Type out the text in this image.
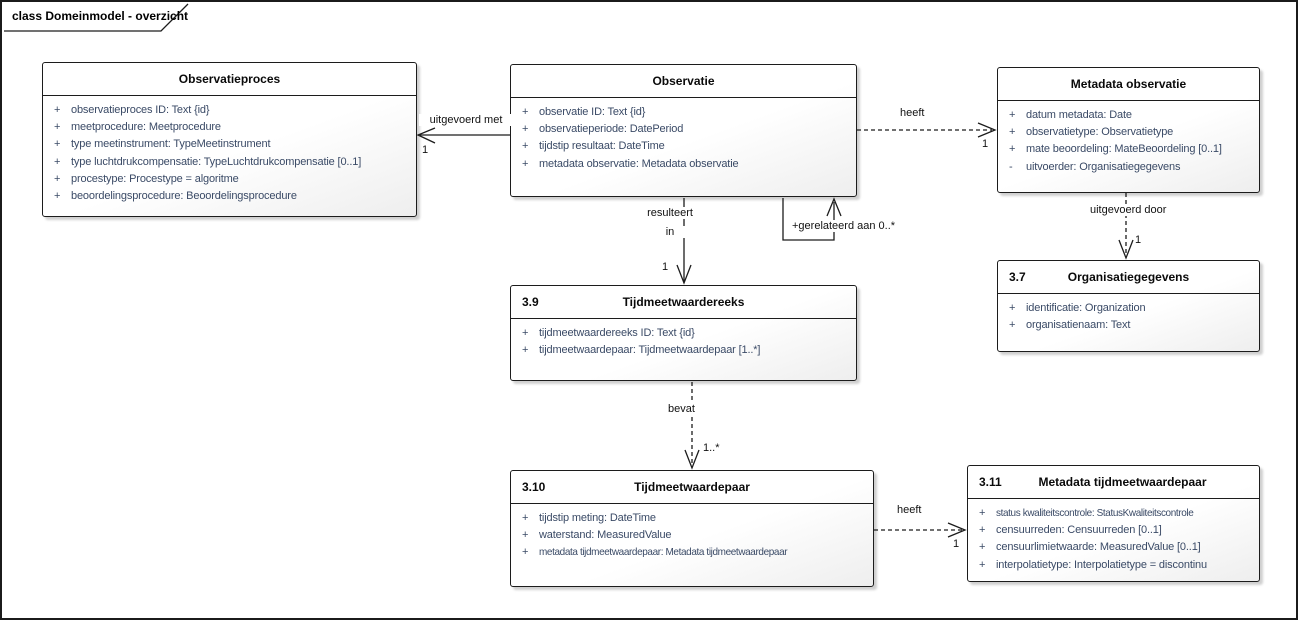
class Domeinmodel - overzicht
Observatieproces
+ observatieproces ID: Text {id}
+ meetprocedure: Meetprocedure
+ type meetinstrument: TypeMeetinstrument
+ type luchtdrukcompensatie: TypeLuchtdrukcompensatie [0..1]
+ procestype: Procestype = algoritme
+ beoordelingsprocedure: Beoordelingsprocedure
Observatie
+ observatie ID: Text {id}
+ observatieperiode: DatePeriod
+ tijdstip resultaat: DateTime
+ metadata observatie: Metadata observatie
Metadata observatie
+ datum metadata: Date
+ observatietype: Observatietype
+ mate beoordeling: MateBeoordeling [0..1]
-	uitvoerder: Organisatiegegevens
3.7	Organisatiegegevens
+ identificatie: Organization
+ organisatienaam: Text
3.9	Tijdmeetwaardereeks
+ tijdmeetwaardereeks ID: Text {id}
+ tijdmeetwaardepaar: Tijdmeetwaardepaar [1..*]
3.10	Tijdmeetwaardepaar
+ tijdstip meting: DateTime
+ waterstand: MeasuredValue
+	metadata tijdmeetwaardepaar: Metadata tijdmeetwaardepaar
3.11	Metadata tijdmeetwaardepaar
+	status kwaliteitscontrole: StatusKwaliteitscontrole
+ censuurreden: Censuurreden [0..1]
+ censuurlimietwaarde: MeasuredValue [0..1]
+ interpolatietype: Interpolatietype = discontinu
uitgevoerd met
1
heeft
1
+gerelateerd aan 0..*
resulteert
in
1
uitgevoerd door
1
bevat
1..*
heeft
1
